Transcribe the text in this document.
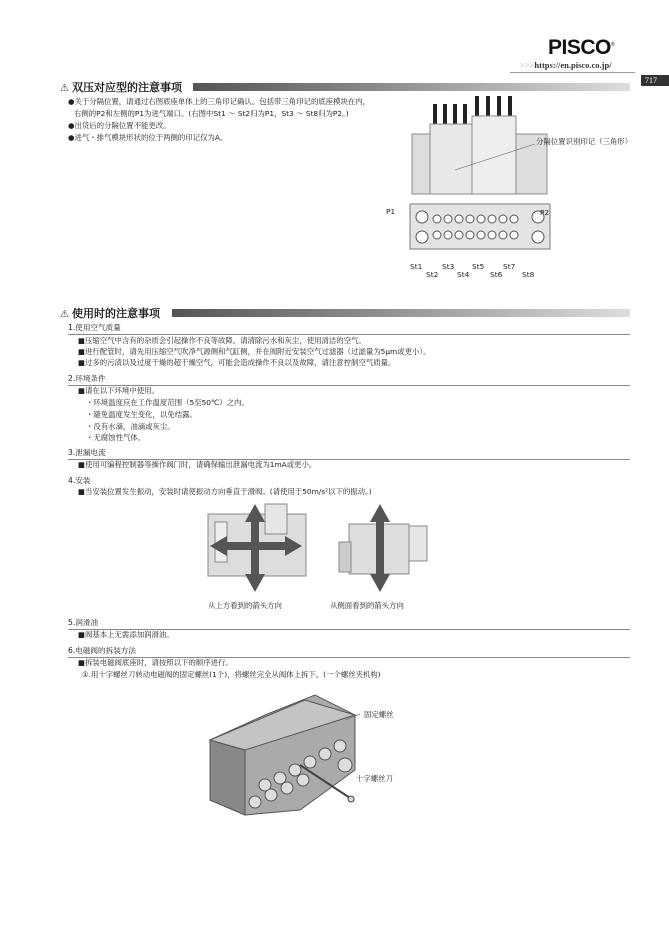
PISCO®
>>>https://en.pisco.co.jp/
717
⚠ 双压对应型的注意事项
●关于分隔位置，请通过右图底座单体上的三角印记确认。包括带三角印记的底座模块在内，
右侧的P2和左侧的P1为进气端口。(右图中St1 ～ St2归为P1，St3 ～ St8归为P2。)
●出货后的分隔位置不能更改。
●进气・排气模块形状的位于两侧的印记仅为A。	分隔位置识别印记（三角形）
P1	P2
St1
St2
St3
St4
St5
St6
St7
St8
⚠ 使用时的注意事项
1.使用空气质量
■压缩空气中含有的杂质会引起操作不良等故障。请清除污水和灰尘，使用清洁的空气。
■进行配管时，请先用压缩空气吹净气源侧和气缸侧，并在阀附近安装空气过滤器（过滤量为5μm或更小）。
■过多的污渍以及过度干燥的超干燥空气，可能会造成操作不良以及故障，请注意控制空气质量。
2.环境条件
■请在以下环境中使用。
・环境温度应在工作温度范围（5至50℃）之内。
・避免温度发生变化，以免结露。
・没有水滴，油滴或灰尘。
・无腐蚀性气体。
3.泄漏电流
■使用可编程控制器等操作阀门时，请确保输出泄漏电流为1mA或更小。
4.安装
■当安装位置发生振动，安装时请使振动方向垂直于滑阀。(请使用于50m/s²以下的振动。)
从上方看到的箭头方向	从侧面看到的箭头方向
5.润滑油
■阀基本上无需添加润滑油。
6.电磁阀的拆装方法
■拆装电磁阀底座时，请按照以下的顺序进行。
①.用十字螺丝刀转动电磁阀的固定螺丝(1个)，将螺丝完全从阀体上拆下。(一个螺丝夹机构)
固定螺丝
十字螺丝刀
